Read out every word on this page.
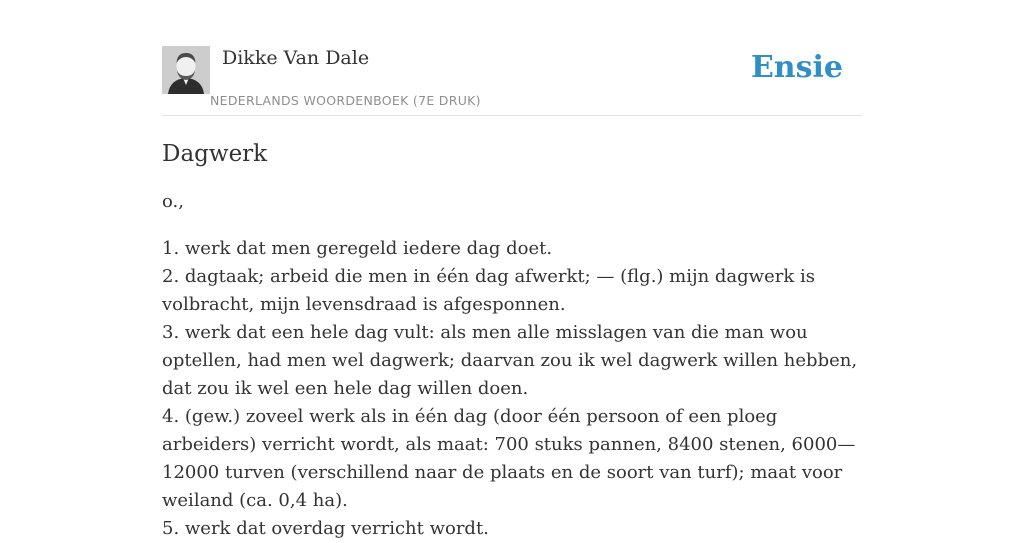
Dikke Van Dale
NEDERLANDS WOORDENBOEK (7E DRUK)
Ensie
Dagwerk

o.,

1. werk dat men geregeld iedere dag doet.
2. dagtaak; arbeid die men in één dag afwerkt; — (flg.) mijn dagwerk is volbracht, mijn levensdraad is afgesponnen.
3. werk dat een hele dag vult: als men alle misslagen van die man wou optellen, had men wel dagwerk; daarvan zou ik wel dagwerk willen hebben, dat zou ik wel een hele dag willen doen.
4. (gew.) zoveel werk als in één dag (door één persoon of een ploeg arbeiders) verricht wordt, als maat: 700 stuks pannen, 8400 stenen, 6000—12000 turven (verschillend naar de plaats en de soort van turf); maat voor weiland (ca. 0,4 ha).
5. werk dat overdag verricht wordt.
